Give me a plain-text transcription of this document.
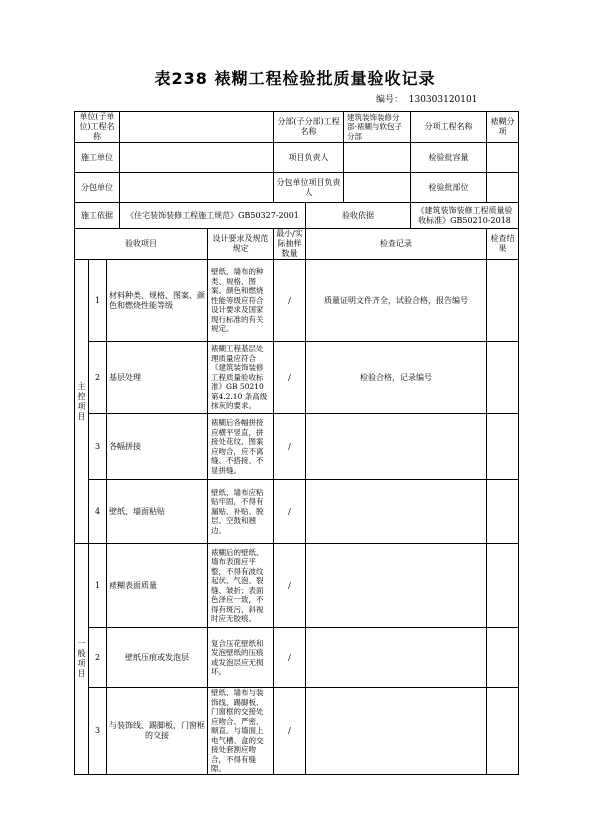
表238 裱糊工程检验批质量验收记录
编号： 130303120101
单位(子单位)工程名称					分部(子分部)工程名称		建筑装饰装修分部-裱糊与软包子分部	分项工程名称	裱糊分项
施工单位					项目负责人			检验批容量	
分包单位					分包单位项目负责人			检验批部位	
施工依据			《住宅装饰装修工程施工规范》GB50327-2001			验收依据		《建筑装饰装修工程质量验收标准》GB50210-2018	
验收项目				设计要求及规范规定	最小/实际抽样数量	检查记录			检查结果
主控项目	1	材料种类、规格、图案、颜色和燃烧性能等级		壁纸、墙布的种类、规格、图案、颜色和燃烧性能等级应符合设计要求及国家现行标准的有关规定。	/	质量证明文件齐全，试验合格，报告编号			
	2	基层处理		裱糊工程基层处理质量应符合《建筑装饰装修工程质量验收标准》GB 50210第4.2.10 条高级抹灰的要求。	/	检验合格，记录编号			
	3	各幅拼接		裱糊后各幅拼接应横平竖直，拼接处花纹、图案应吻合，应不离缝、不搭接、不显拼缝。	/				
	4	壁纸、墙面粘贴		壁纸、墙布应粘贴牢固，不得有漏贴、补贴、脱层、空鼓和翘边。	/				
一般项目	1	裱糊表面质量		裱糊后的壁纸、墙布表面应平整，不得有波纹起伏、气泡、裂缝、皱折；表面色泽应一致，不得有斑污，斜视时应无胶痕。	/				
	2	壁纸压痕或发泡层		复合压花壁纸和发泡壁纸的压痕或发泡层应无损坏。	/				
	3	与装饰线、踢脚板，门窗框的交接		壁纸、墙布与装饰线、踢脚板、门窗框的交接处应吻合、严密、顺直。与墙面上电气槽、盒的交接处套割应吻合，不得有缝隙。	/				
